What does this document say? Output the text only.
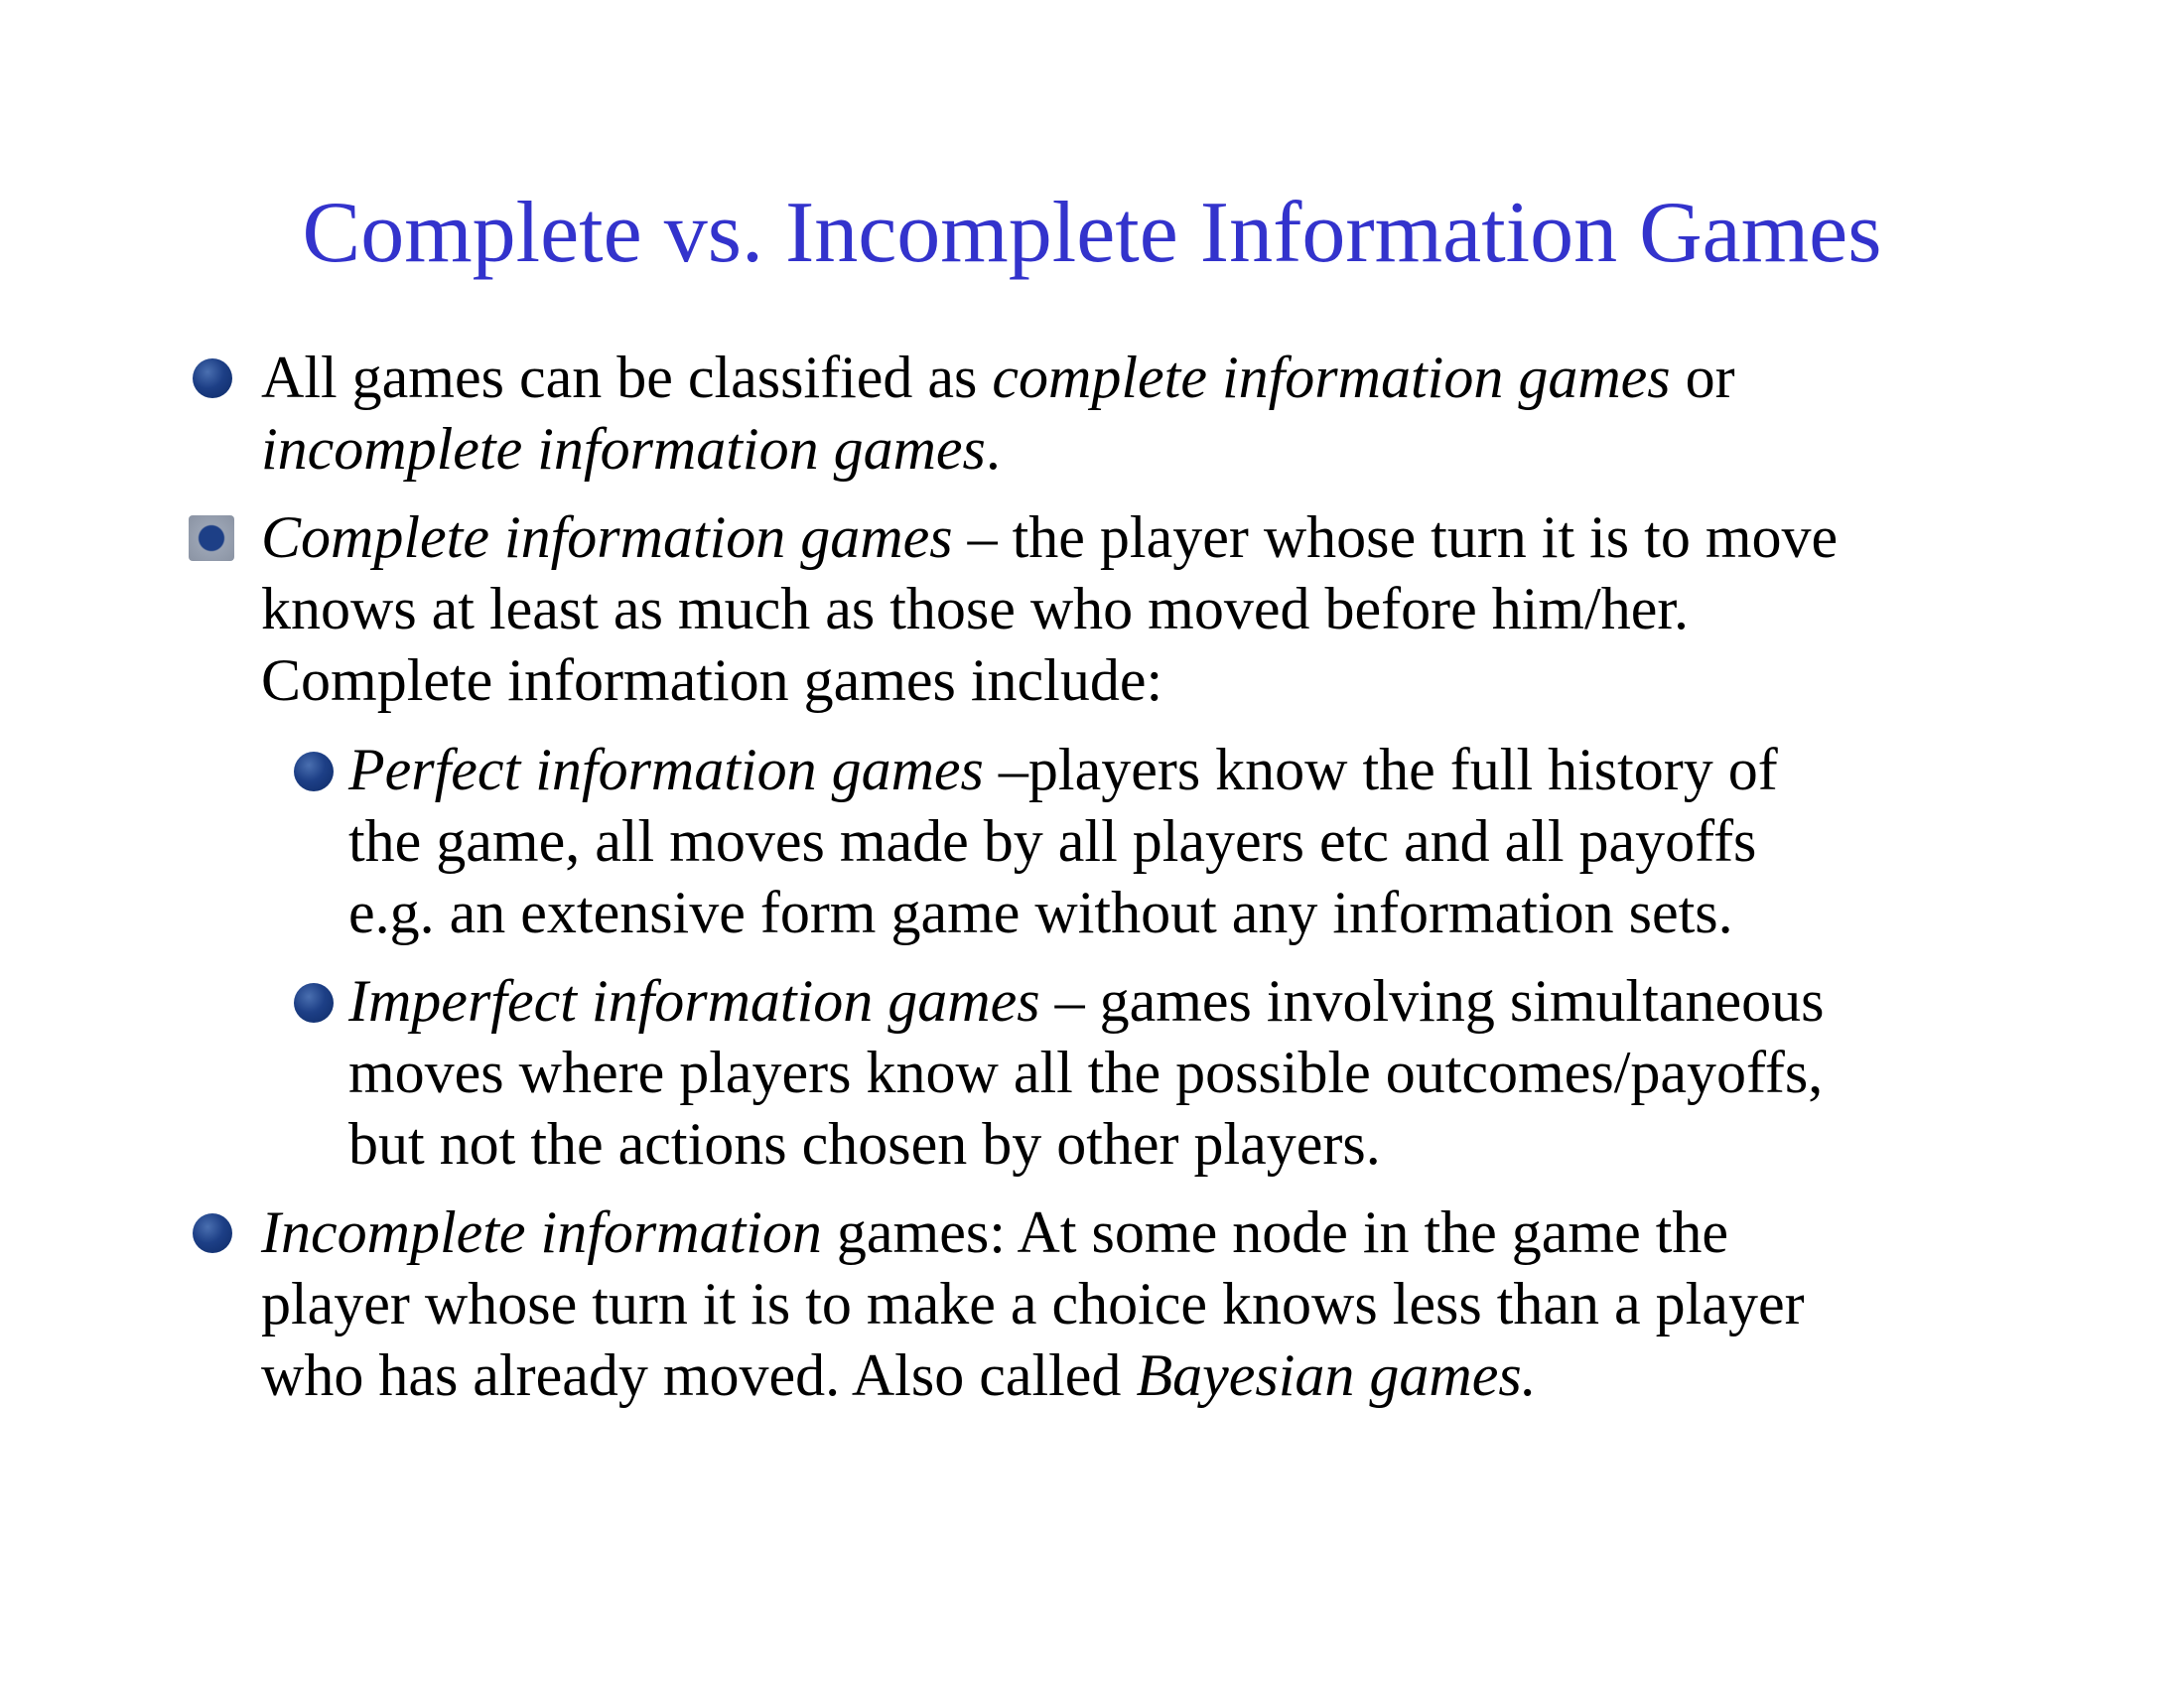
Complete vs. Incomplete Information Games
All games can be classified as complete information games or
incomplete information games.
Complete information games – the player whose turn it is to move
knows at least as much as those who moved before him/her.
Complete information games include:
Perfect information games –players know the full history of
the game, all moves made by all players etc and all payoffs
e.g. an extensive form game without any information sets.
Imperfect information games – games involving simultaneous
moves where players know all the possible outcomes/payoffs,
but not the actions chosen by other players.
Incomplete information games: At some node in the game the
player whose turn it is to make a choice knows less than a player
who has already moved. Also called Bayesian games.
